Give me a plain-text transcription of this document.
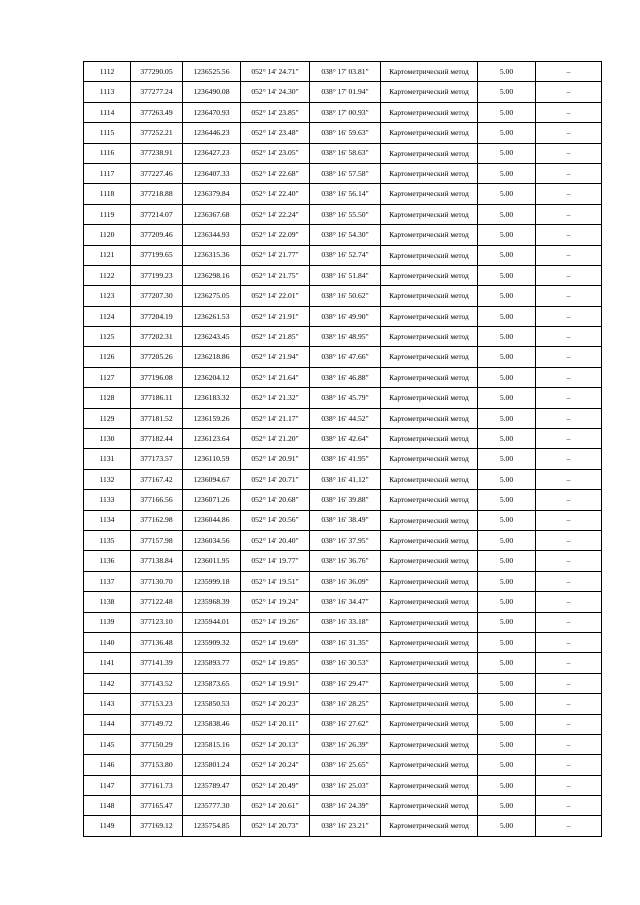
1112	377290.05	1236525.56	052° 14' 24.71"	038° 17' 03.81"	Картометрический метод	5.00	–
1113	377277.24	1236490.08	052° 14' 24.30"	038° 17' 01.94"	Картометрический метод	5.00	–
1114	377263.49	1236470.93	052° 14' 23.85"	038° 17' 00.93"	Картометрический метод	5.00	–
1115	377252.21	1236446.23	052° 14' 23.48"	038° 16' 59.63"	Картометрический метод	5.00	–
1116	377238.91	1236427.23	052° 14' 23.05"	038° 16' 58.63"	Картометрический метод	5.00	–
1117	377227.46	1236407.33	052° 14' 22.68"	038° 16' 57.58"	Картометрический метод	5.00	–
1118	377218.88	1236379.84	052° 14' 22.40"	038° 16' 56.14"	Картометрический метод	5.00	–
1119	377214.07	1236367.68	052° 14' 22.24"	038° 16' 55.50"	Картометрический метод	5.00	–
1120	377209.46	1236344.93	052° 14' 22.09"	038° 16' 54.30"	Картометрический метод	5.00	–
1121	377199.65	1236315.36	052° 14' 21.77"	038° 16' 52.74"	Картометрический метод	5.00	–
1122	377199.23	1236298.16	052° 14' 21.75"	038° 16' 51.84"	Картометрический метод	5.00	–
1123	377207.30	1236275.05	052° 14' 22.01"	038° 16' 50.62"	Картометрический метод	5.00	–
1124	377204.19	1236261.53	052° 14' 21.91"	038° 16' 49.90"	Картометрический метод	5.00	–
1125	377202.31	1236243.45	052° 14' 21.85"	038° 16' 48.95"	Картометрический метод	5.00	–
1126	377205.26	1236218.86	052° 14' 21.94"	038° 16' 47.66"	Картометрический метод	5.00	–
1127	377196.08	1236204.12	052° 14' 21.64"	038° 16' 46.88"	Картометрический метод	5.00	–
1128	377186.11	1236183.32	052° 14' 21.32"	038° 16' 45.79"	Картометрический метод	5.00	–
1129	377181.52	1236159.26	052° 14' 21.17"	038° 16' 44.52"	Картометрический метод	5.00	–
1130	377182.44	1236123.64	052° 14' 21.20"	038° 16' 42.64"	Картометрический метод	5.00	–
1131	377173.57	1236110.59	052° 14' 20.91"	038° 16' 41.95"	Картометрический метод	5.00	–
1132	377167.42	1236094.67	052° 14' 20.71"	038° 16' 41.12"	Картометрический метод	5.00	–
1133	377166.56	1236071.26	052° 14' 20.68"	038° 16' 39.88"	Картометрический метод	5.00	–
1134	377162.98	1236044.86	052° 14' 20.56"	038° 16' 38.49"	Картометрический метод	5.00	–
1135	377157.98	1236034.56	052° 14' 20.40"	038° 16' 37.95"	Картометрический метод	5.00	–
1136	377138.84	1236011.95	052° 14' 19.77"	038° 16' 36.76"	Картометрический метод	5.00	–
1137	377130.70	1235999.18	052° 14' 19.51"	038° 16' 36.09"	Картометрический метод	5.00	–
1138	377122.48	1235968.39	052° 14' 19.24"	038° 16' 34.47"	Картометрический метод	5.00	–
1139	377123.10	1235944.01	052° 14' 19.26"	038° 16' 33.18"	Картометрический метод	5.00	–
1140	377136.48	1235909.32	052° 14' 19.69"	038° 16' 31.35"	Картометрический метод	5.00	–
1141	377141.39	1235893.77	052° 14' 19.85"	038° 16' 30.53"	Картометрический метод	5.00	–
1142	377143.52	1235873.65	052° 14' 19.91"	038° 16' 29.47"	Картометрический метод	5.00	–
1143	377153.23	1235850.53	052° 14' 20.23"	038° 16' 28.25"	Картометрический метод	5.00	–
1144	377149.72	1235838.46	052° 14' 20.11"	038° 16' 27.62"	Картометрический метод	5.00	–
1145	377150.29	1235815.16	052° 14' 20.13"	038° 16' 26.39"	Картометрический метод	5.00	–
1146	377153.80	1235801.24	052° 14' 20.24"	038° 16' 25.65"	Картометрический метод	5.00	–
1147	377161.73	1235789.47	052° 14' 20.49"	038° 16' 25.03"	Картометрический метод	5.00	–
1148	377165.47	1235777.30	052° 14' 20.61"	038° 16' 24.39"	Картометрический метод	5.00	–
1149	377169.12	1235754.85	052° 14' 20.73"	038° 16' 23.21"	Картометрический метод	5.00	–
